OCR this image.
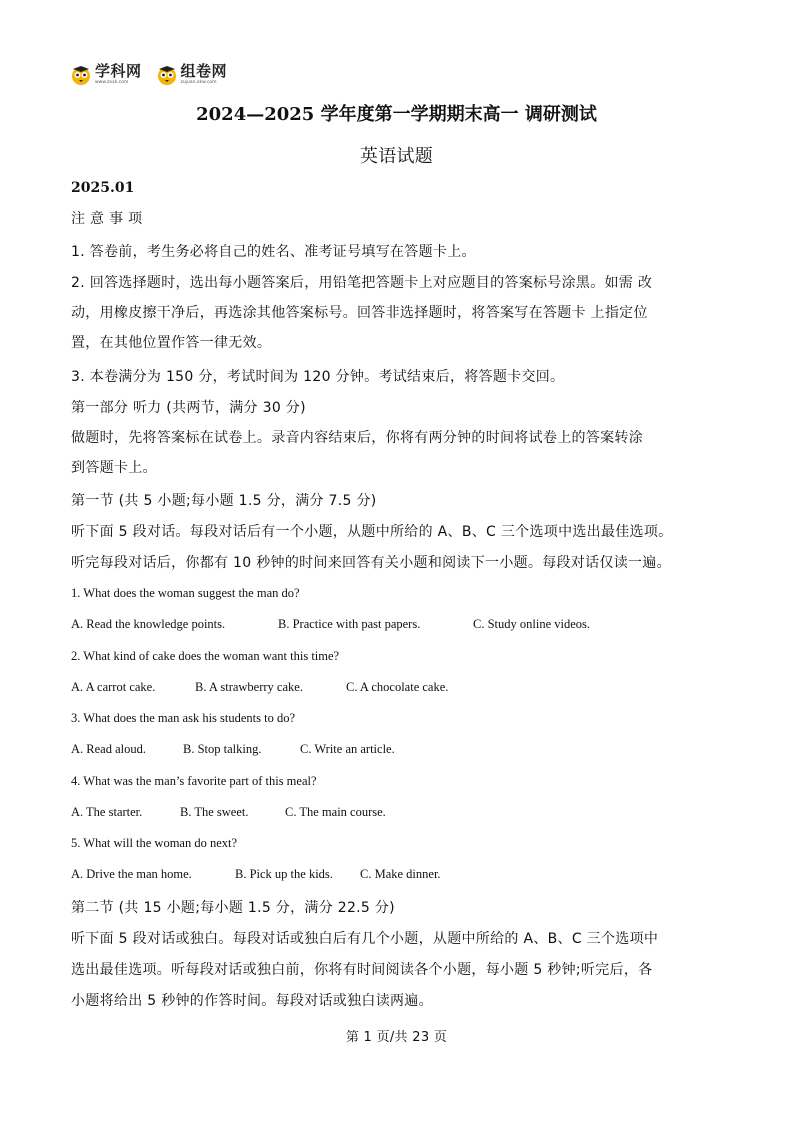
学科网
www.zxxk.com
组卷网
zujuan.xkw.com
2024—2025 学年度第一学期期末高一 调研测试
英语试题
2025.01
注 意 事 项
1. 答卷前，考生务必将自己的姓名、准考证号填写在答题卡上。
2. 回答选择题时，选出每小题答案后，用铅笔把答题卡上对应题目的答案标号涂黑。如需 改
动，用橡皮擦干净后，再选涂其他答案标号。回答非选择题时，将答案写在答题卡 上指定位
置，在其他位置作答一律无效。
3. 本卷满分为 150 分，考试时间为 120 分钟。考试结束后，将答题卡交回。
第一部分 听力 (共两节，满分 30 分)
做题时，先将答案标在试卷上。录音内容结束后，你将有两分钟的时间将试卷上的答案转涂
到答题卡上。
第一节 (共 5 小题;每小题 1.5 分，满分 7.5 分)
听下面 5 段对话。每段对话后有一个小题，从题中所给的 A、B、C 三个选项中选出最佳选项。
听完每段对话后，你都有 10 秒钟的时间来回答有关小题和阅读下一小题。每段对话仅读一遍。
1. What does the woman suggest the man do?
A. Read the knowledge points.	B. Practice with past papers.	C. Study online videos.
2. What kind of cake does the woman want this time?
A. A carrot cake.	B. A strawberry cake.	C. A chocolate cake.
3. What does the man ask his students to do?
A. Read aloud.	B. Stop talking.	C. Write an article.
4. What was the man’s favorite part of this meal?
A. The starter.	B. The sweet.	C. The main course.
5. What will the woman do next?
A. Drive the man home.	B. Pick up the kids.	C. Make dinner.
第二节 (共 15 小题;每小题 1.5 分，满分 22.5 分)
听下面 5 段对话或独白。每段对话或独白后有几个小题，从题中所给的 A、B、C 三个选项中
选出最佳选项。听每段对话或独白前，你将有时间阅读各个小题，每小题 5 秒钟;听完后，各
小题将给出 5 秒钟的作答时间。每段对话或独白读两遍。
第 1 页/共 23 页
